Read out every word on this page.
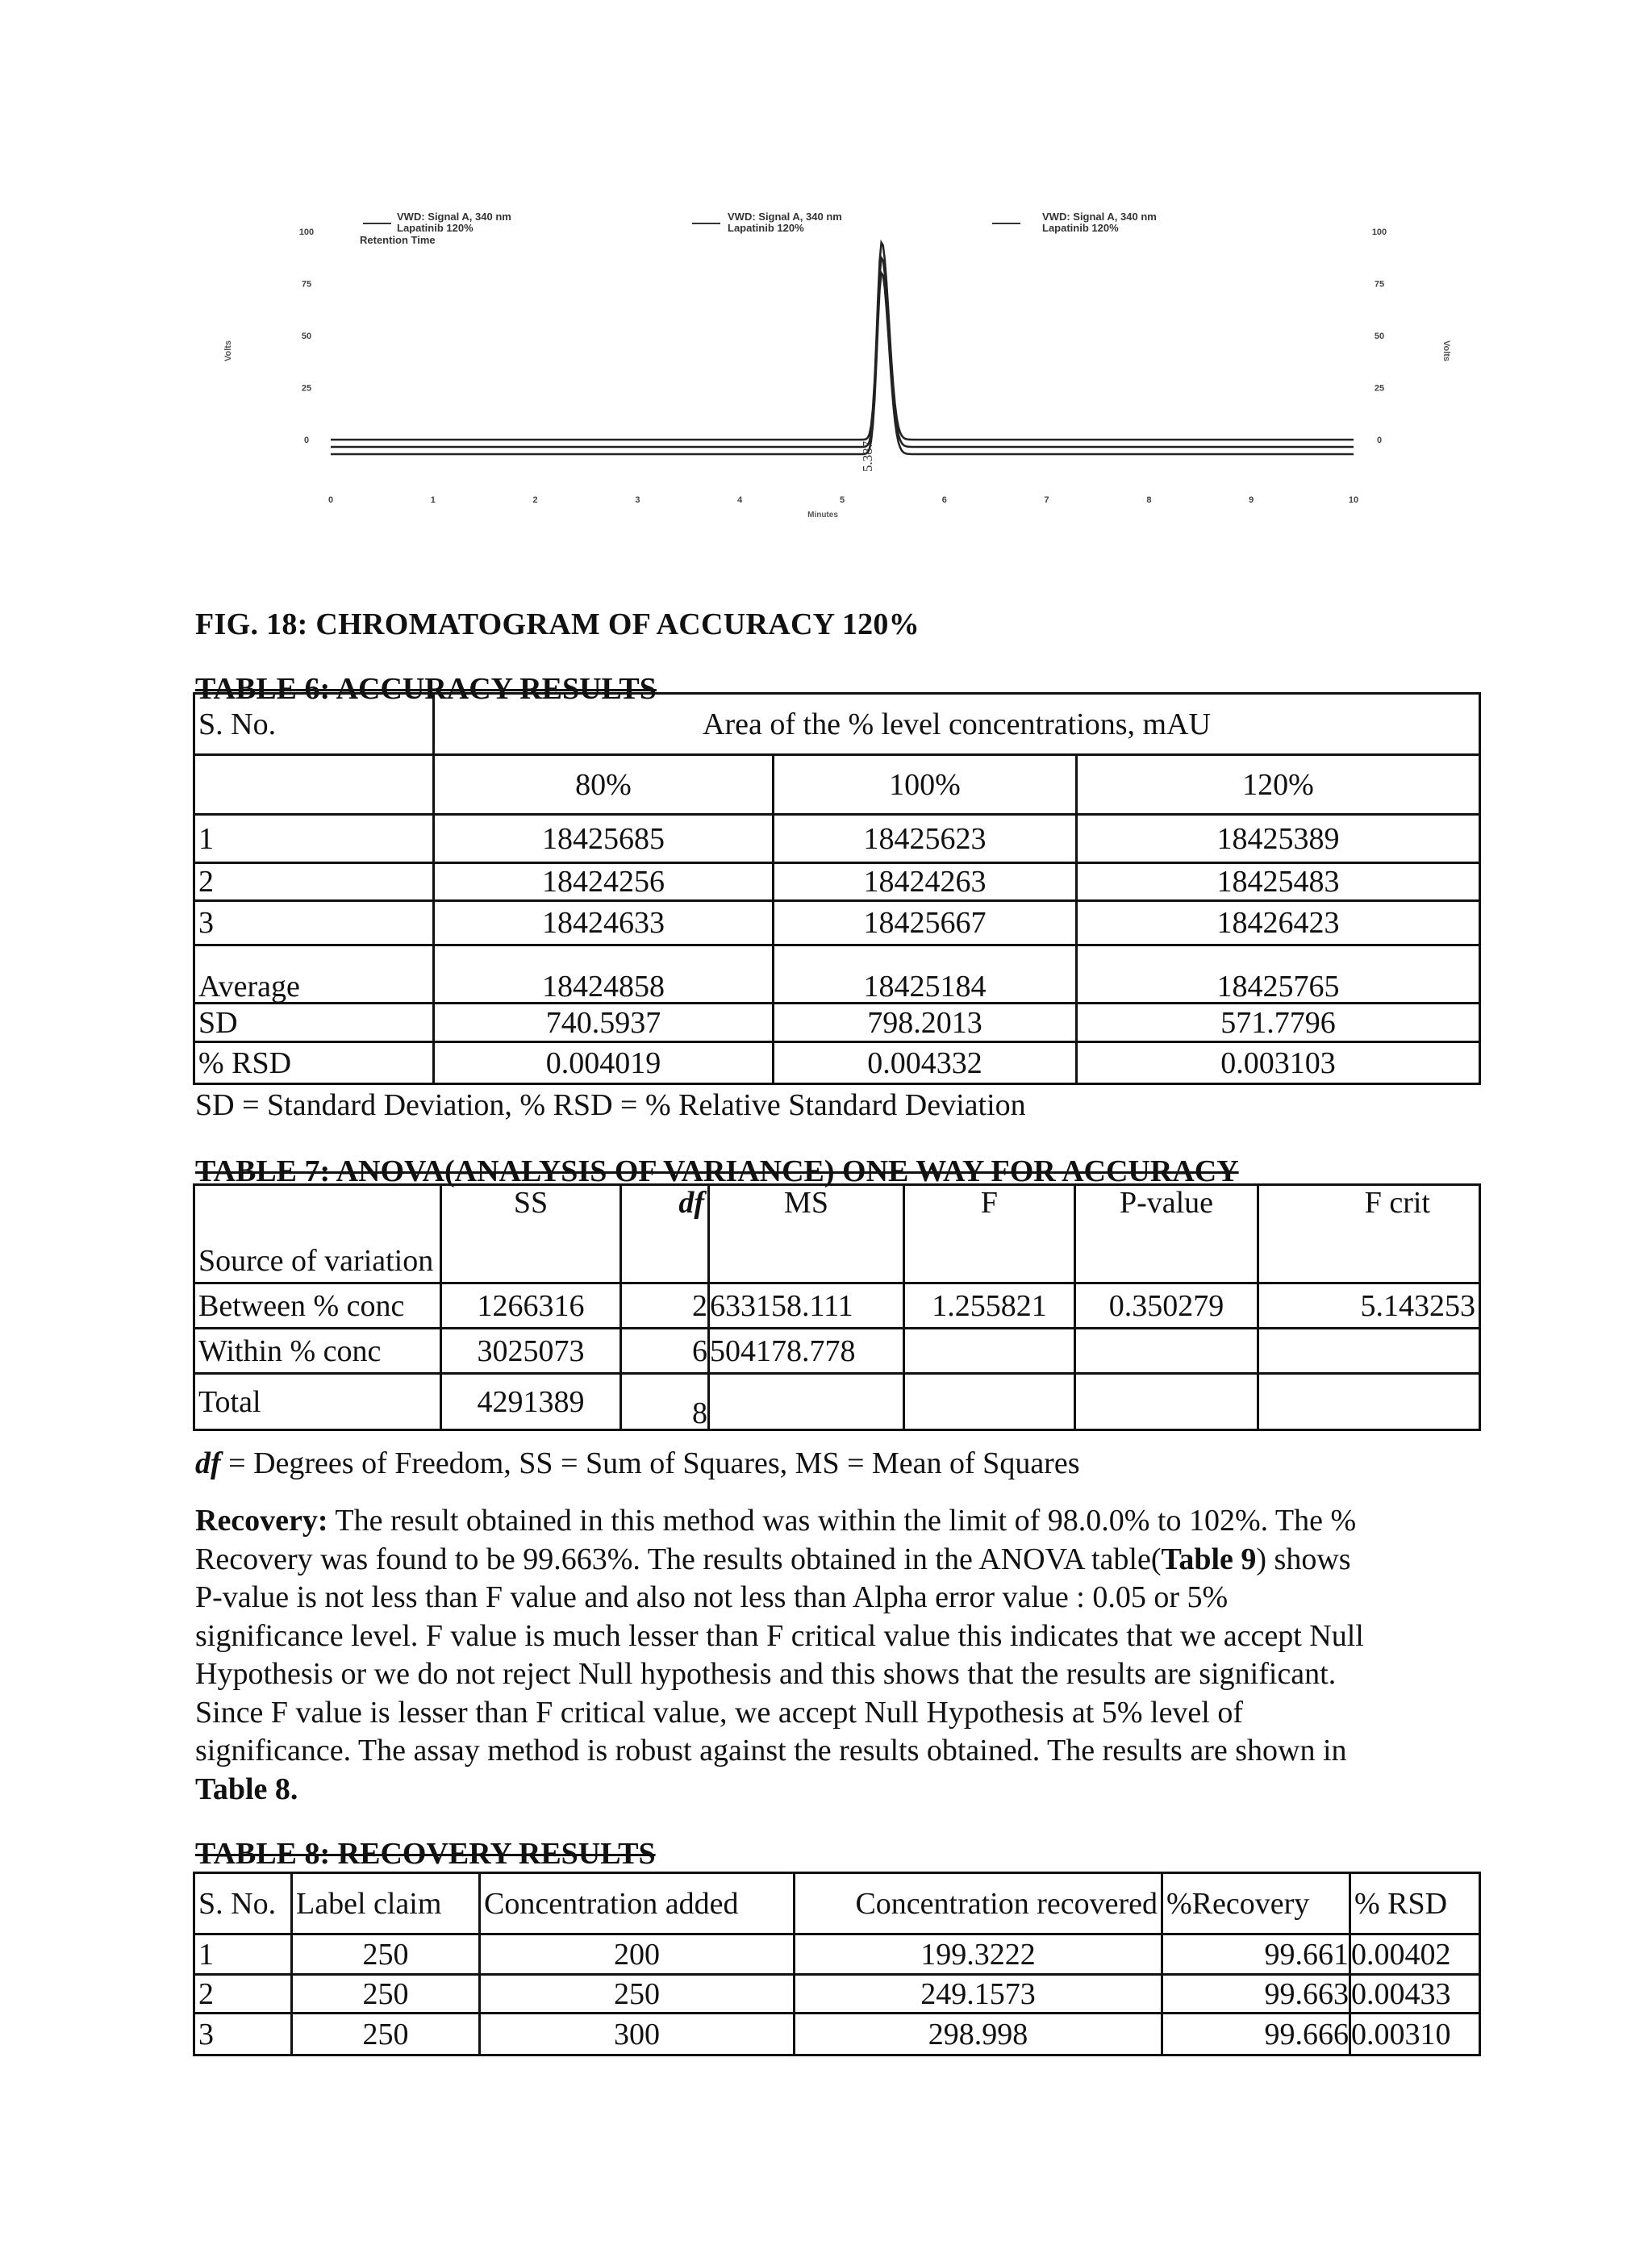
VWD: Signal A, 340 nm
Lapatinib 120%
Retention Time
VWD: Signal A, 340 nm
Lapatinib 120%
VWD: Signal A, 340 nm
Lapatinib 120%
100
75
50
25
0
100
75
50
25
0
0	1	2	3	4	5	6	7	8	9	10
Volts	Volts
Minutes
5.387
FIG. 18: CHROMATOGRAM OF ACCURACY 120%
TABLE 6: ACCURACY RESULTS
S. No.	Area of the % level concentrations, mAU		
	80%	100%	120%
1	18425685	18425623	18425389
2	18424256	18424263	18425483
3	18424633	18425667	18426423
Average	18424858	18425184	18425765
SD	740.5937	798.2013	571.7796
% RSD	0.004019	0.004332	0.003103
SD = Standard Deviation, % RSD = % Relative Standard Deviation
TABLE 7: ANOVA(ANALYSIS OF VARIANCE) ONE WAY FOR ACCURACY
Source of variation	SS	df	MS	F	P-value	F crit
Between % conc	1266316	2	633158.111	1.255821	0.350279	5.143253
Within % conc	3025073	6	504178.778			
Total	4291389	8				
df = Degrees of Freedom, SS = Sum of Squares, MS = Mean of Squares

Recovery: The result obtained in this method was within the limit of 98.0.0% to 102%. The %
Recovery was found to be 99.663%. The results obtained in the ANOVA table(Table 9) shows
P-value is not less than F value and also not less than Alpha error value : 0.05 or 5%
significance level. F value is much lesser than F critical value this indicates that we accept Null
Hypothesis or we do not reject Null hypothesis and this shows that the results are significant.
Since F value is lesser than F critical value, we accept Null Hypothesis at 5% level of
significance. The assay method is robust against the results obtained. The results are shown in
Table 8.

TABLE 8: RECOVERY RESULTS
S. No.	Label claim	Concentration added	Concentration recovered	%Recovery	% RSD
1	250	200	199.3222	99.661	0.00402
2	250	250	249.1573	99.663	0.00433
3	250	300	298.998	99.666	0.00310
